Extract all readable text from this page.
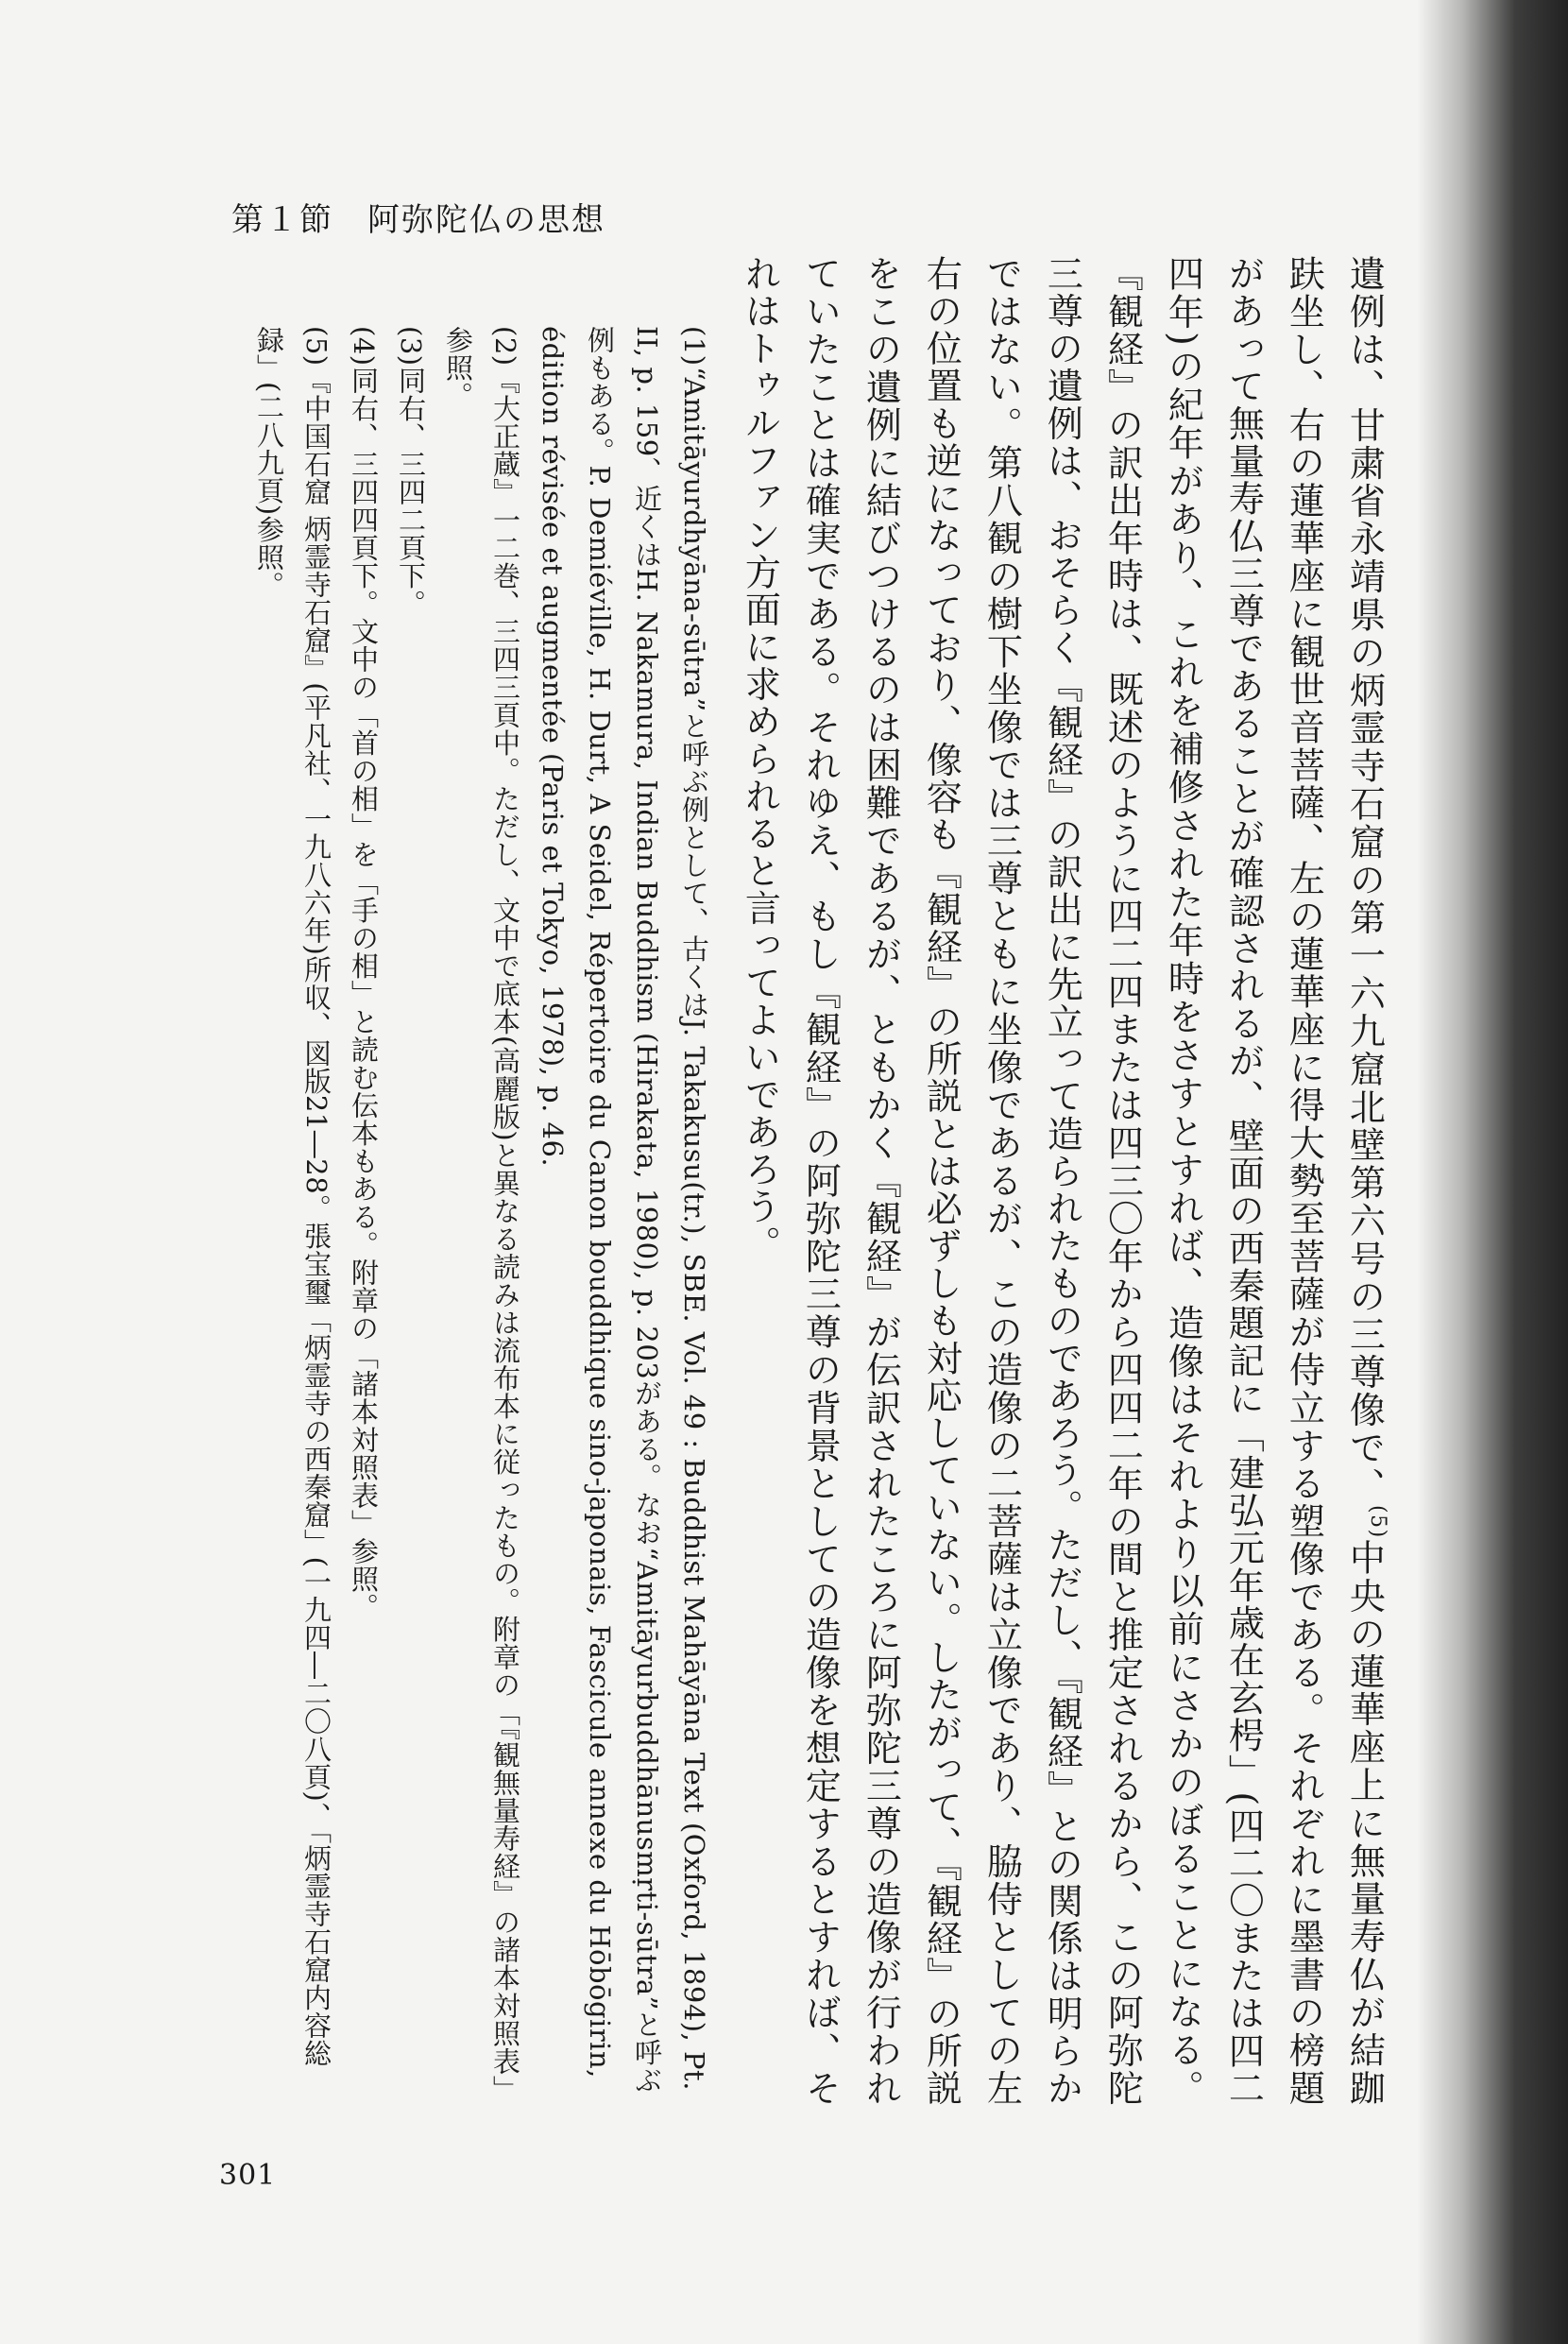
第１節 阿弥陀仏の思想

遺例は、甘粛省永靖県の炳霊寺石窟の第一六九窟北壁第六号の三尊像で、$^{(5)}$中央の蓮華座上に無量寿仏が結跏趺坐し、右の蓮華座に観世音菩薩、左の蓮華座に得大勢至菩薩が侍立する塑像である。それぞれに墨書の榜題があって無量寿仏三尊であることが確認されるが、壁面の西秦題記に「建弘元年歳在玄枵」(四二〇または四二四年)の紀年があり、これを補修された年時をさすとすれば、造像はそれより以前にさかのぼることになる。『観経』の訳出年時は、既述のように四二四または四三〇年から四四二年の間と推定されるから、この阿弥陀三尊の遺例は、おそらく『観経』の訳出に先立って造られたものであろう。ただし、『観経』との関係は明らかではない。第八観の樹下坐像では三尊ともに坐像であるが、この造像の二菩薩は立像であり、脇侍としての左右の位置も逆になっており、像容も『観経』の所説とは必ずしも対応していない。したがって、『観経』の所説をこの遺例に結びつけるのは困難であるが、ともかく『観経』が伝訳されたころに阿弥陀三尊の造像が行われていたことは確実である。それゆえ、もし『観経』の阿弥陀三尊の背景としての造像を想定するとすれば、それはトゥルファン方面に求められると言ってよいであろう。

(1)“Amitāyurdhyāna-sūtra”と呼ぶ例として、古くはJ. Takakusu(tr.), SBE. Vol. 49 : Buddhist Mahāyāna Text (Oxford, 1894), Pt. II, p. 159、近くはH. Nakamura, Indian Buddhism (Hirakata, 1980), p. 203がある。なお“Amitāyurbuddhānusmṛti-sūtra”と呼ぶ例もある。P. Demiéville, H. Durt, A Seidel, Répertoire du Canon bouddhique sino-japonais, Fascicule annexe du Hōbōgirin, édition révisée et augmentée (Paris et Tokyo, 1978), p. 46.

(2)『大正蔵』一二巻、三四三頁中。ただし、文中で底本(高麗版)と異なる読みは流布本に従ったもの。附章の「『観無量寿経』の諸本対照表」参照。

(3)同右、三四二頁下。

(4)同右、三四四頁下。文中の「首の相」を「手の相」と読む伝本もある。附章の「諸本対照表」参照。

(5)『中国石窟 炳霊寺石窟』(平凡社、一九八六年)所収、図版21―28。張宝璽「炳霊寺の西秦窟」(一九四―二〇八頁)、「炳霊寺石窟内容総録」(二八九頁)参照。

301
